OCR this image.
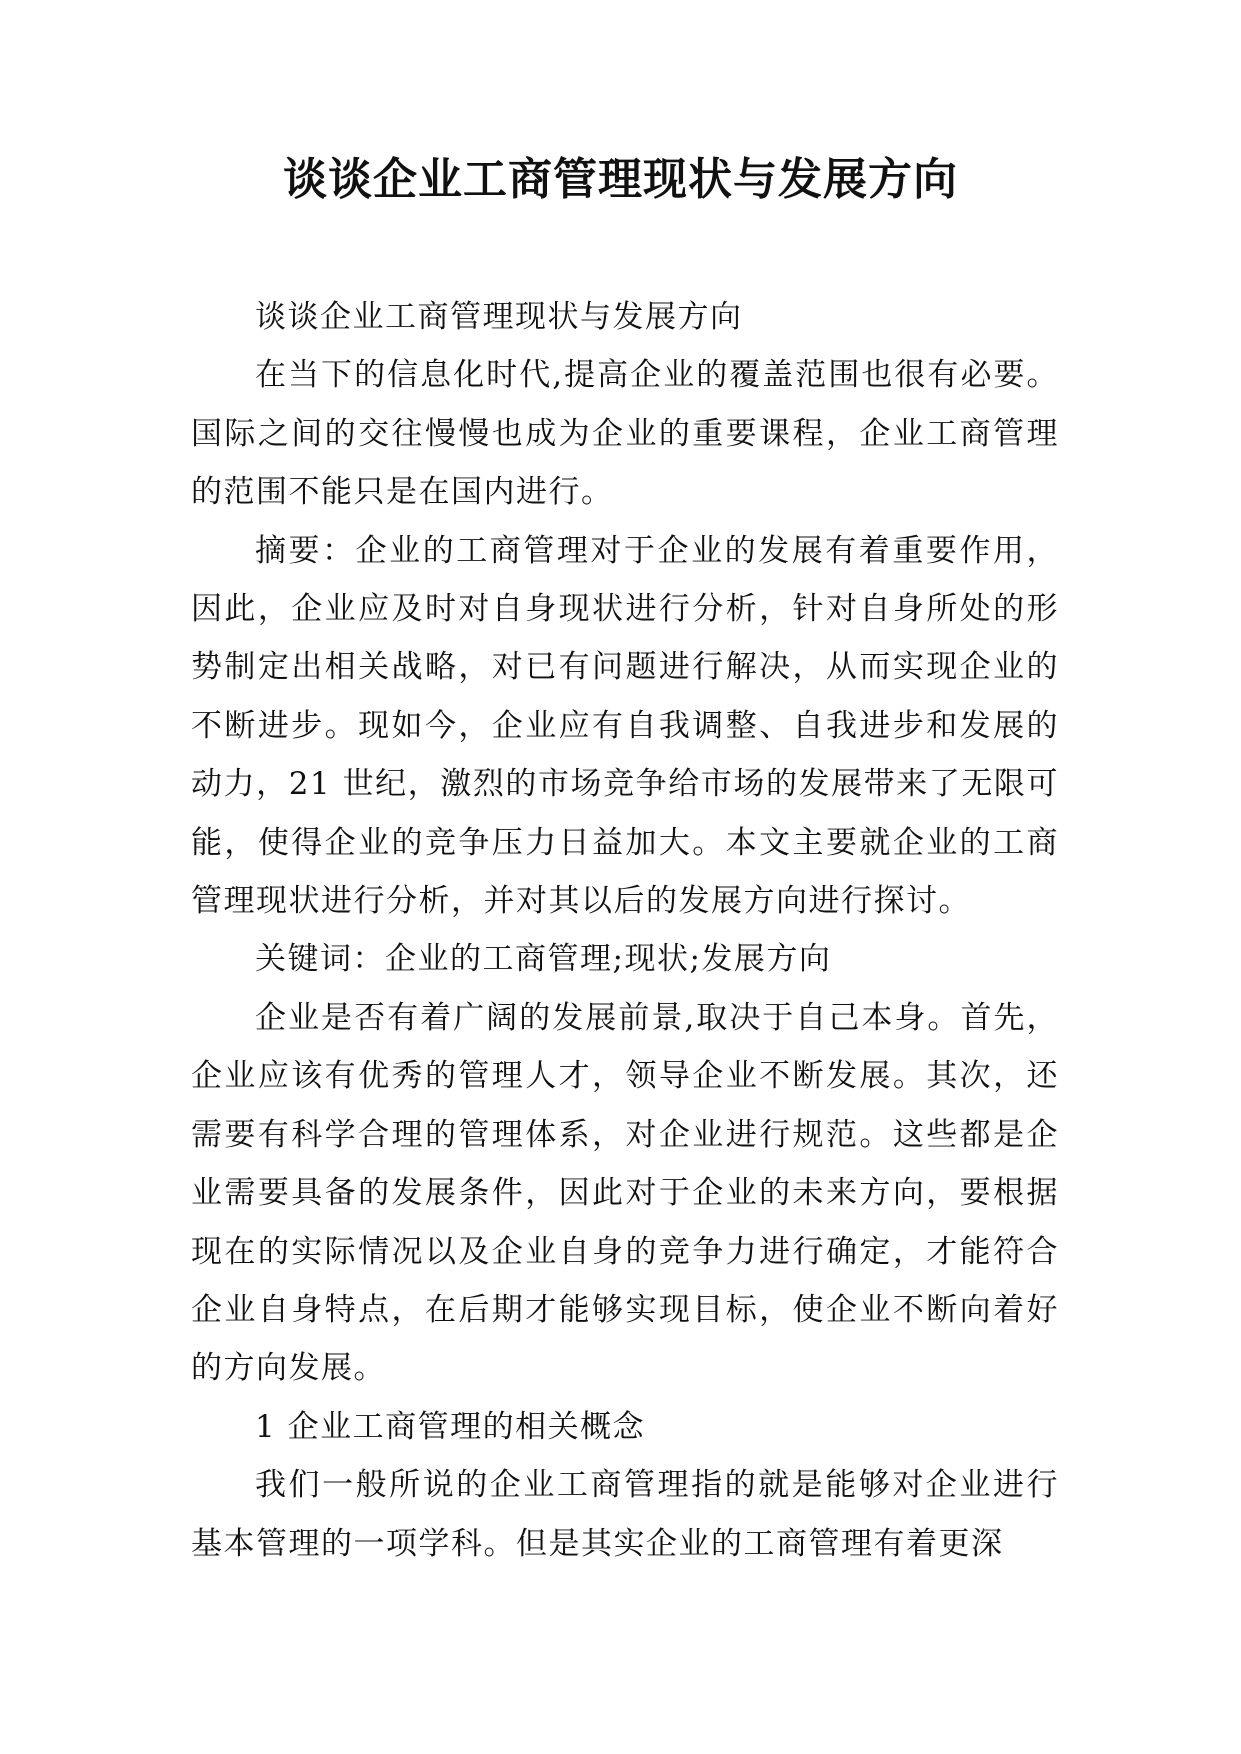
谈谈企业工商管理现状与发展方向

谈谈企业工商管理现状与发展方向

在当下的信息化时代,提高企业的覆盖范围也很有必要。国际之间的交往慢慢也成为企业的重要课程，企业工商管理的范围不能只是在国内进行。

摘要：企业的工商管理对于企业的发展有着重要作用，因此，企业应及时对自身现状进行分析，针对自身所处的形势制定出相关战略，对已有问题进行解决，从而实现企业的不断进步。现如今，企业应有自我调整、自我进步和发展的动力，21 世纪，激烈的市场竞争给市场的发展带来了无限可能，使得企业的竞争压力日益加大。本文主要就企业的工商管理现状进行分析，并对其以后的发展方向进行探讨。

关键词：企业的工商管理;现状;发展方向

企业是否有着广阔的发展前景,取决于自己本身。首先，企业应该有优秀的管理人才，领导企业不断发展。其次，还需要有科学合理的管理体系，对企业进行规范。这些都是企业需要具备的发展条件，因此对于企业的未来方向，要根据现在的实际情况以及企业自身的竞争力进行确定，才能符合企业自身特点，在后期才能够实现目标，使企业不断向着好的方向发展。

1 企业工商管理的相关概念

我们一般所说的企业工商管理指的就是能够对企业进行基本管理的一项学科。但是其实企业的工商管理有着更深
